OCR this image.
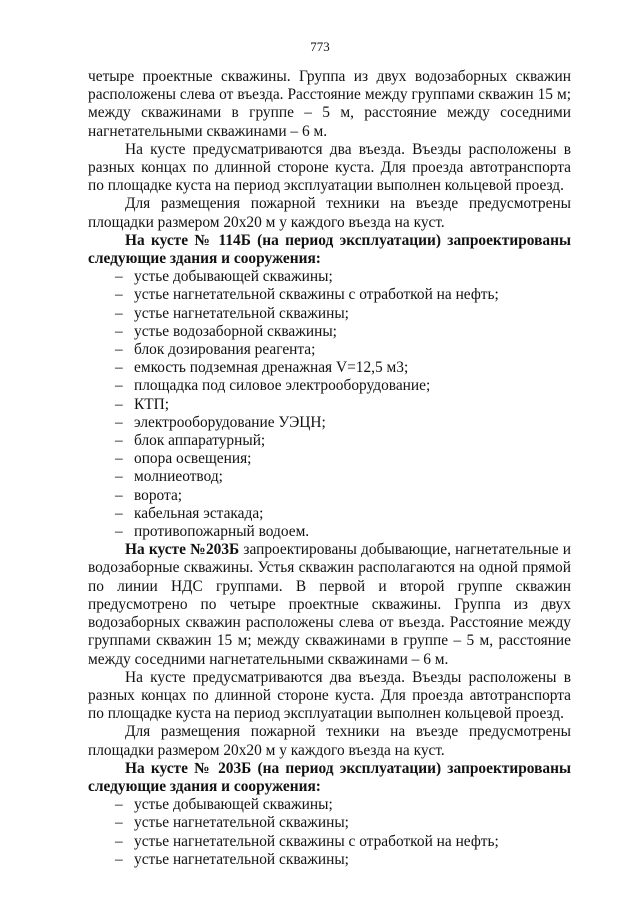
773

четыре проектные скважины. Группа из двух водозаборных скважин расположены слева от въезда. Расстояние между группами скважин 15 м; между скважинами в группе – 5 м, расстояние между соседними нагнетательными скважинами – 6 м.

На кусте предусматриваются два въезда. Въезды расположены в разных концах по длинной стороне куста. Для проезда автотранспорта по площадке куста на период эксплуатации выполнен кольцевой проезд.

Для размещения пожарной техники на въезде предусмотрены площадки размером 20х20 м у каждого въезда на куст.

На кусте № 114Б (на период эксплуатации) запроектированы следующие здания и сооружения:

– устье добывающей скважины;
– устье нагнетательной скважины с отработкой на нефть;
– устье нагнетательной скважины;
– устье водозаборной скважины;
– блок дозирования реагента;
– емкость подземная дренажная V=12,5 м3;
– площадка под силовое электрооборудование;
– КТП;
– электрооборудование УЭЦН;
– блок аппаратурный;
– опора освещения;
– молниеотвод;
– ворота;
– кабельная эстакада;
– противопожарный водоем.

На кусте №203Б запроектированы добывающие, нагнетательные и водозаборные скважины. Устья скважин располагаются на одной прямой по линии НДС группами. В первой и второй группе скважин предусмотрено по четыре проектные скважины. Группа из двух водозаборных скважин расположены слева от въезда. Расстояние между группами скважин 15 м; между скважинами в группе – 5 м, расстояние между соседними нагнетательными скважинами – 6 м.

На кусте предусматриваются два въезда. Въезды расположены в разных концах по длинной стороне куста. Для проезда автотранспорта по площадке куста на период эксплуатации выполнен кольцевой проезд.

Для размещения пожарной техники на въезде предусмотрены площадки размером 20х20 м у каждого въезда на куст.

На кусте № 203Б (на период эксплуатации) запроектированы следующие здания и сооружения:

– устье добывающей скважины;
– устье нагнетательной скважины;
– устье нагнетательной скважины с отработкой на нефть;
– устье нагнетательной скважины;
